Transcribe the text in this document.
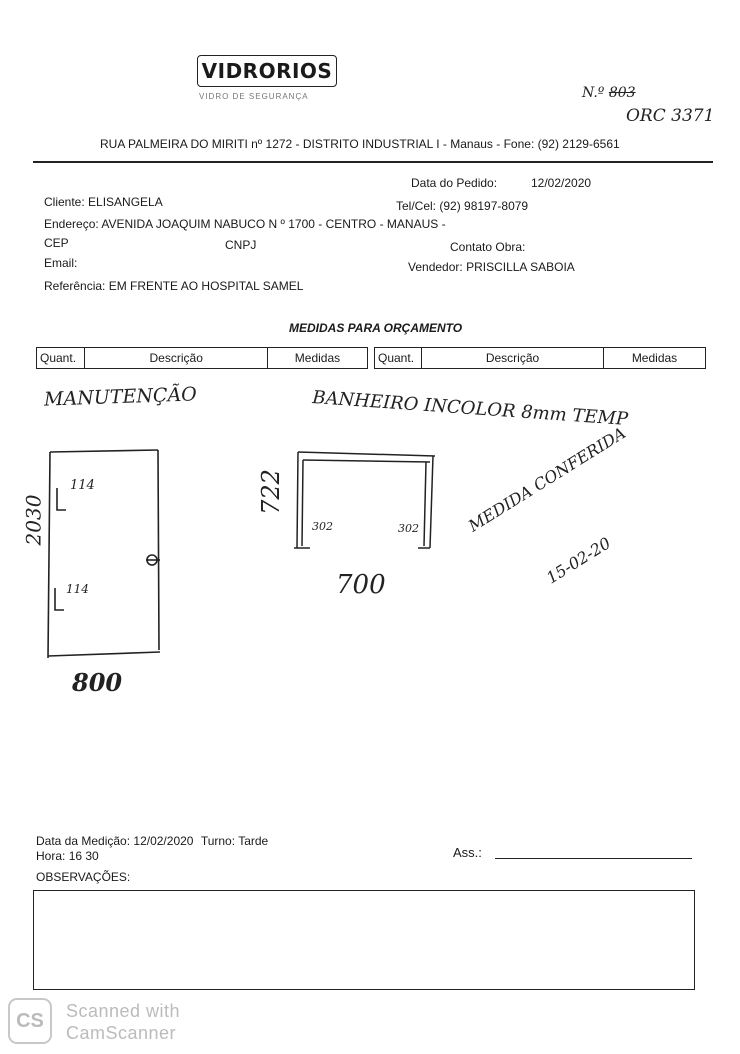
VIDRORIOS
VIDRO DE SEGURANÇA	N.º 803
ORC 3371
RUA PALMEIRA DO MIRITI nº 1272 - DISTRITO INDUSTRIAL I - Manaus - Fone: (92) 2129-6561
Data do Pedido:	12/02/2020
Cliente: ELISANGELA	Tel/Cel: (92) 98197-8079
Endereço: AVENIDA JOAQUIM NABUCO N º 1700 - CENTRO - MANAUS -
CEP	CNPJ	Contato Obra:
Email:	Vendedor: PRISCILLA SABOIA
Referência: EM FRENTE AO HOSPITAL SAMEL
MEDIDAS PARA ORÇAMENTO
Quant.	Descrição	Medidas	Quant.	Descrição	Medidas
MANUTENÇÃO	BANHEIRO INCOLOR 8mm TEMP
2030
114
114
800
722
302	302
700
MEDIDA CONFERIDA
15-02-20
Data da Medição: 12/02/2020 Turno: Tarde
Hora: 16 30	Ass.:
OBSERVAÇÕES:
CS	Scanned with
CamScanner
